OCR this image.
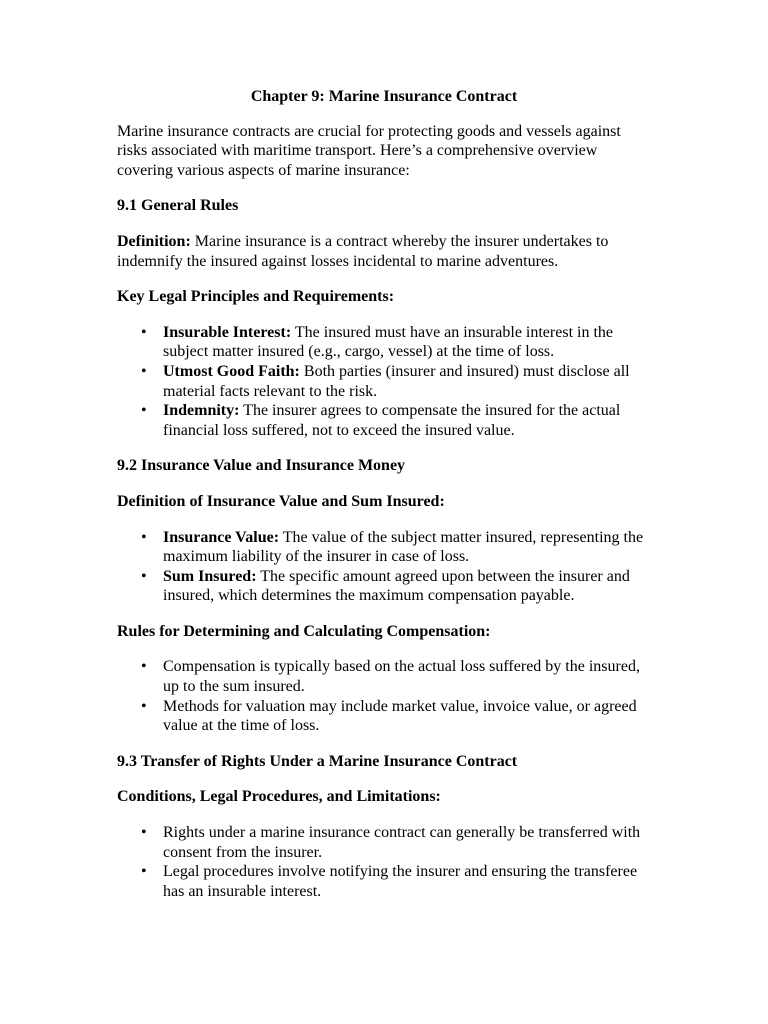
Chapter 9: Marine Insurance Contract

Marine insurance contracts are crucial for protecting goods and vessels against risks associated with maritime transport. Here’s a comprehensive overview covering various aspects of marine insurance:

9.1 General Rules

Definition: Marine insurance is a contract whereby the insurer undertakes to indemnify the insured against losses incidental to marine adventures.

Key Legal Principles and Requirements:
• Insurable Interest: The insured must have an insurable interest in the subject matter insured (e.g., cargo, vessel) at the time of loss.
• Utmost Good Faith: Both parties (insurer and insured) must disclose all material facts relevant to the risk.
• Indemnity: The insurer agrees to compensate the insured for the actual financial loss suffered, not to exceed the insured value.
9.2 Insurance Value and Insurance Money
Definition of Insurance Value and Sum Insured:
• Insurance Value: The value of the subject matter insured, representing the maximum liability of the insurer in case of loss.
• Sum Insured: The specific amount agreed upon between the insurer and insured, which determines the maximum compensation payable.
Rules for Determining and Calculating Compensation:
• Compensation is typically based on the actual loss suffered by the insured, up to the sum insured.
• Methods for valuation may include market value, invoice value, or agreed value at the time of loss.
9.3 Transfer of Rights Under a Marine Insurance Contract
Conditions, Legal Procedures, and Limitations:
• Rights under a marine insurance contract can generally be transferred with consent from the insurer.
• Legal procedures involve notifying the insurer and ensuring the transferee has an insurable interest.
